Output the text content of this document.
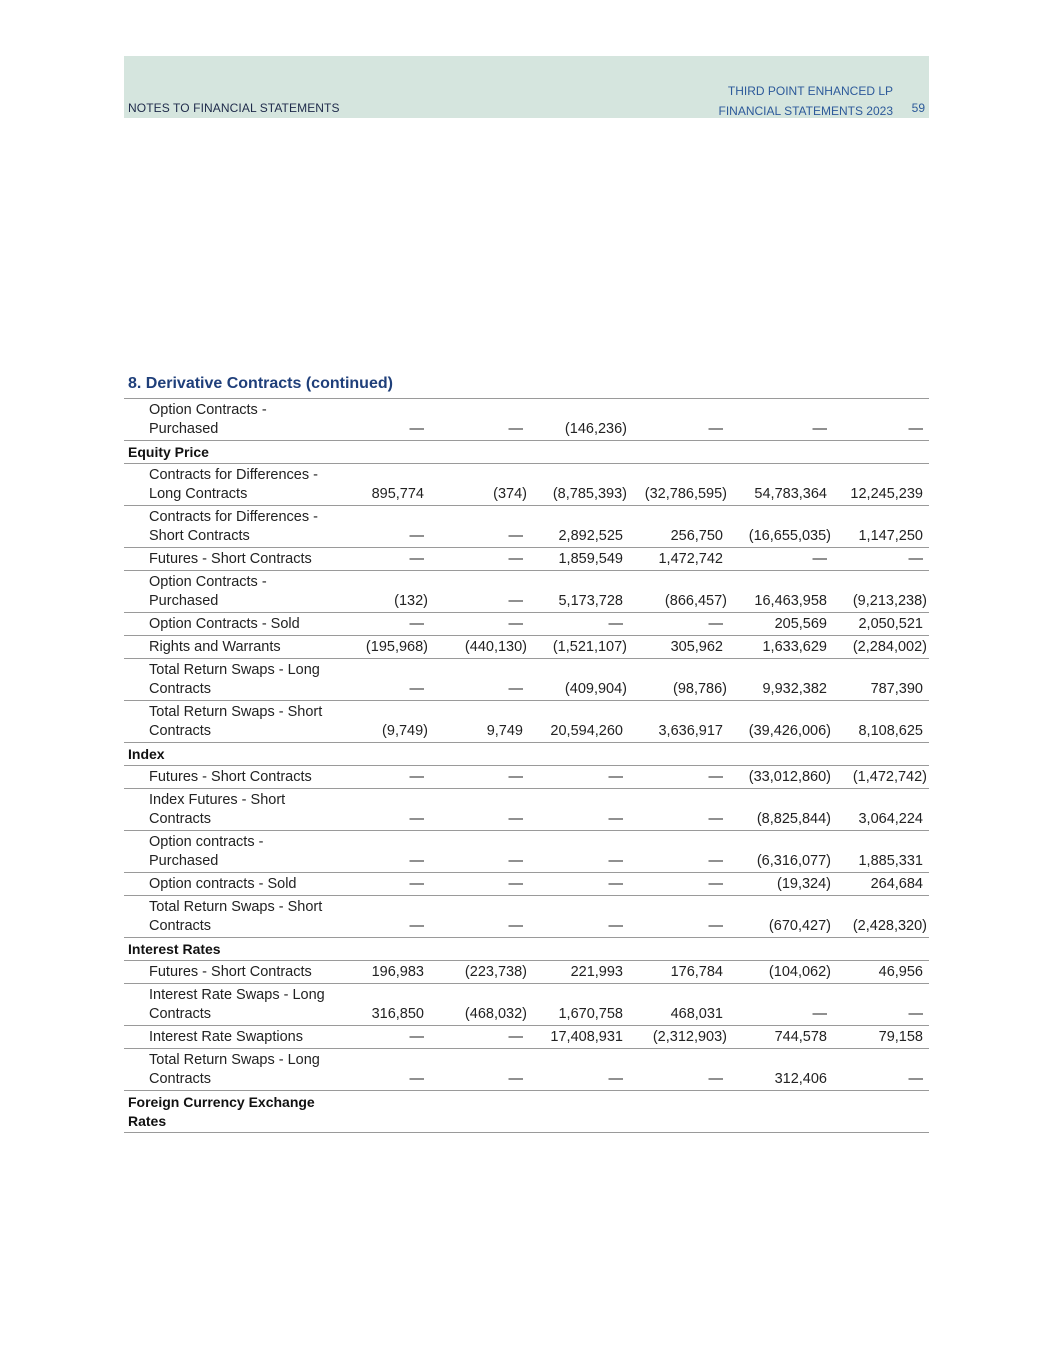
NOTES TO FINANCIAL STATEMENTS
THIRD POINT ENHANCED LP
FINANCIAL STATEMENTS 2023 59
8. Derivative Contracts (continued)
Option Contracts -
Purchased	—	—	(146,236)	—	—	—

Equity Price						

Contracts for Differences -
Long Contracts	895,774	(374)	(8,785,393)	(32,786,595)	54,783,364	12,245,239

Contracts for Differences -
Short Contracts	—	—	2,892,525	256,750	(16,655,035)	1,147,250

Futures - Short Contracts	—	—	1,859,549	1,472,742	—	—

Option Contracts -
Purchased	(132)	—	5,173,728	(866,457)	16,463,958	(9,213,238)

Option Contracts - Sold	—	—	—	—	205,569	2,050,521

Rights and Warrants	(195,968)	(440,130)	(1,521,107)	305,962	1,633,629	(2,284,002)

Total Return Swaps - Long
Contracts	—	—	(409,904)	(98,786)	9,932,382	787,390

Total Return Swaps - Short
Contracts	(9,749)	9,749	20,594,260	3,636,917	(39,426,006)	8,108,625

Index						

Futures - Short Contracts	—	—	—	—	(33,012,860)	(1,472,742)

Index Futures - Short
Contracts	—	—	—	—	(8,825,844)	3,064,224

Option contracts -
Purchased	—	—	—	—	(6,316,077)	1,885,331

Option contracts - Sold	—	—	—	—	(19,324)	264,684

Total Return Swaps - Short
Contracts	—	—	—	—	(670,427)	(2,428,320)

Interest Rates						

Futures - Short Contracts	196,983	(223,738)	221,993	176,784	(104,062)	46,956

Interest Rate Swaps - Long
Contracts	316,850	(468,032)	1,670,758	468,031	—	—

Interest Rate Swaptions	—	—	17,408,931	(2,312,903)	744,578	79,158

Total Return Swaps - Long
Contracts	—	—	—	—	312,406	—

Foreign Currency Exchange
Rates						
